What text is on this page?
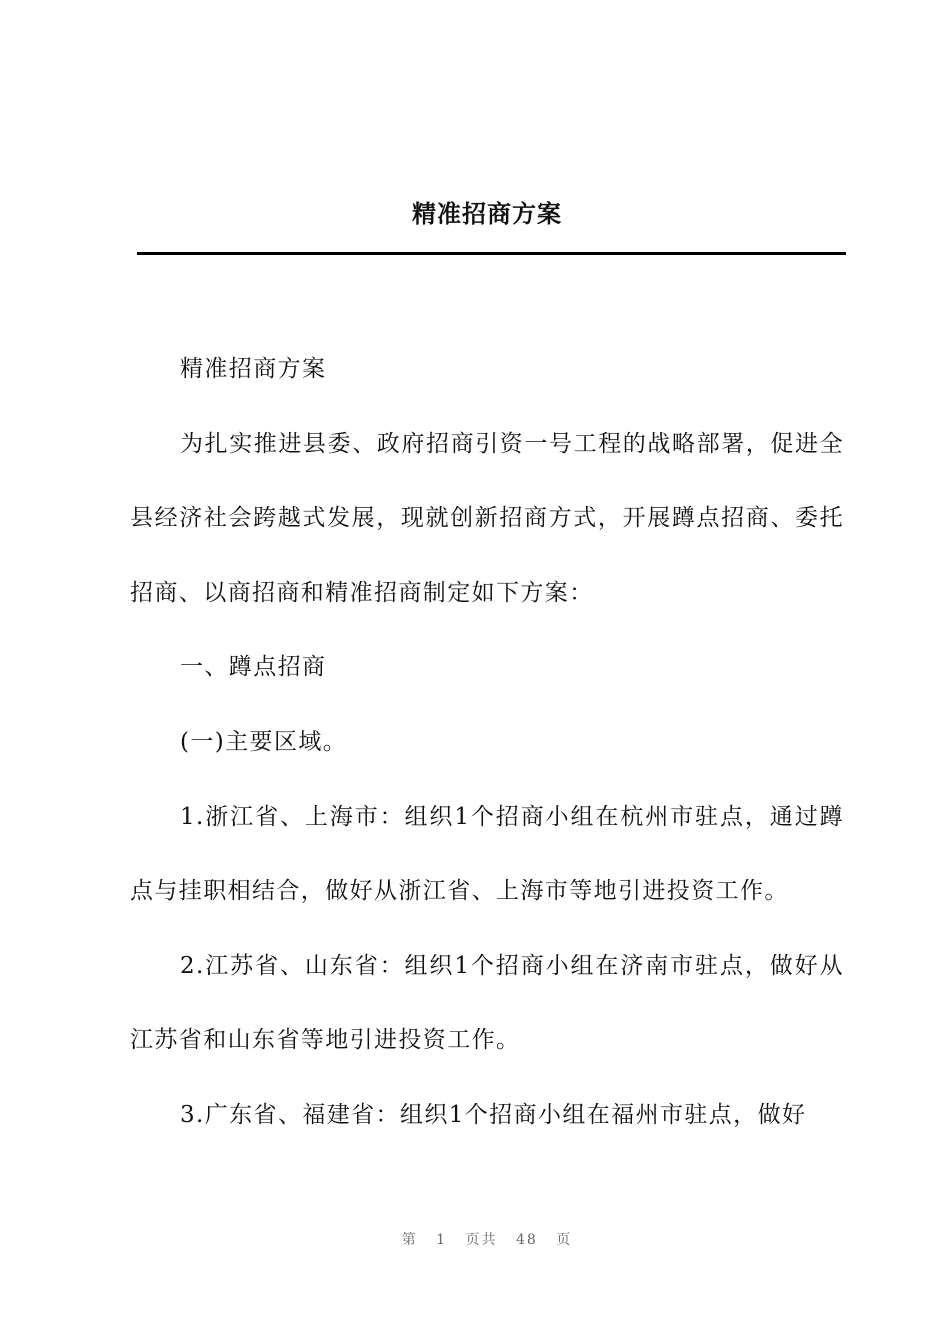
精准招商方案

精准招商方案

为扎实推进县委、政府招商引资一号工程的战略部署，促进全县经济社会跨越式发展，现就创新招商方式，开展蹲点招商、委托招商、以商招商和精准招商制定如下方案：

一、蹲点招商

(一)主要区域。

1.浙江省、上海市：组织1个招商小组在杭州市驻点，通过蹲点与挂职相结合，做好从浙江省、上海市等地引进投资工作。

2.江苏省、山东省：组织1个招商小组在济南市驻点，做好从江苏省和山东省等地引进投资工作。

3.广东省、福建省：组织1个招商小组在福州市驻点，做好

第 1 页共 48 页
